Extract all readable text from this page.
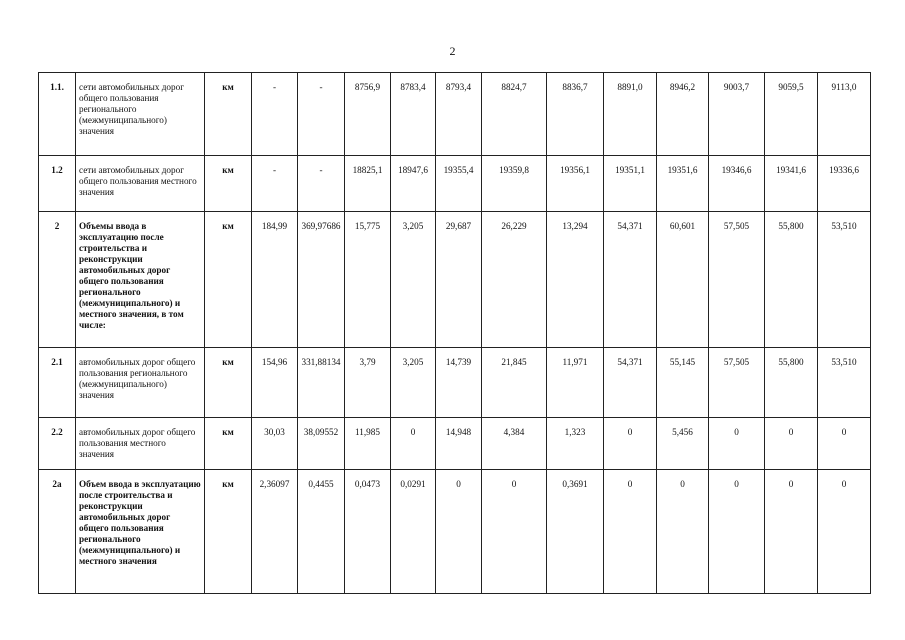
2
1.1.	сети автомобильных дорог общего пользования регионального (межмуниципального) значения	км	-	-	8756,9	8783,4	8793,4	8824,7	8836,7	8891,0	8946,2	9003,7	9059,5	9113,0
1.2	сети автомобильных дорог общего пользования местного значения	км	-	-	18825,1	18947,6	19355,4	19359,8	19356,1	19351,1	19351,6	19346,6	19341,6	19336,6
2	Объемы ввода в эксплуатацию после строительства и реконструкции автомобильных дорог общего пользования регионального (межмуниципального) и местного значения, в том числе:	км	184,99	369,97686	15,775	3,205	29,687	26,229	13,294	54,371	60,601	57,505	55,800	53,510
2.1	автомобильных дорог общего пользования регионального (межмуниципального) значения	км	154,96	331,88134	3,79	3,205	14,739	21,845	11,971	54,371	55,145	57,505	55,800	53,510
2.2	автомобильных дорог общего пользования местного значения	км	30,03	38,09552	11,985	0	14,948	4,384	1,323	0	5,456	0	0	0
2а	Объем ввода в эксплуатацию после строительства и реконструкции автомобильных дорог общего пользования регионального (межмуниципального) и местного значения	км	2,36097	0,4455	0,0473	0,0291	0	0	0,3691	0	0	0	0	0
